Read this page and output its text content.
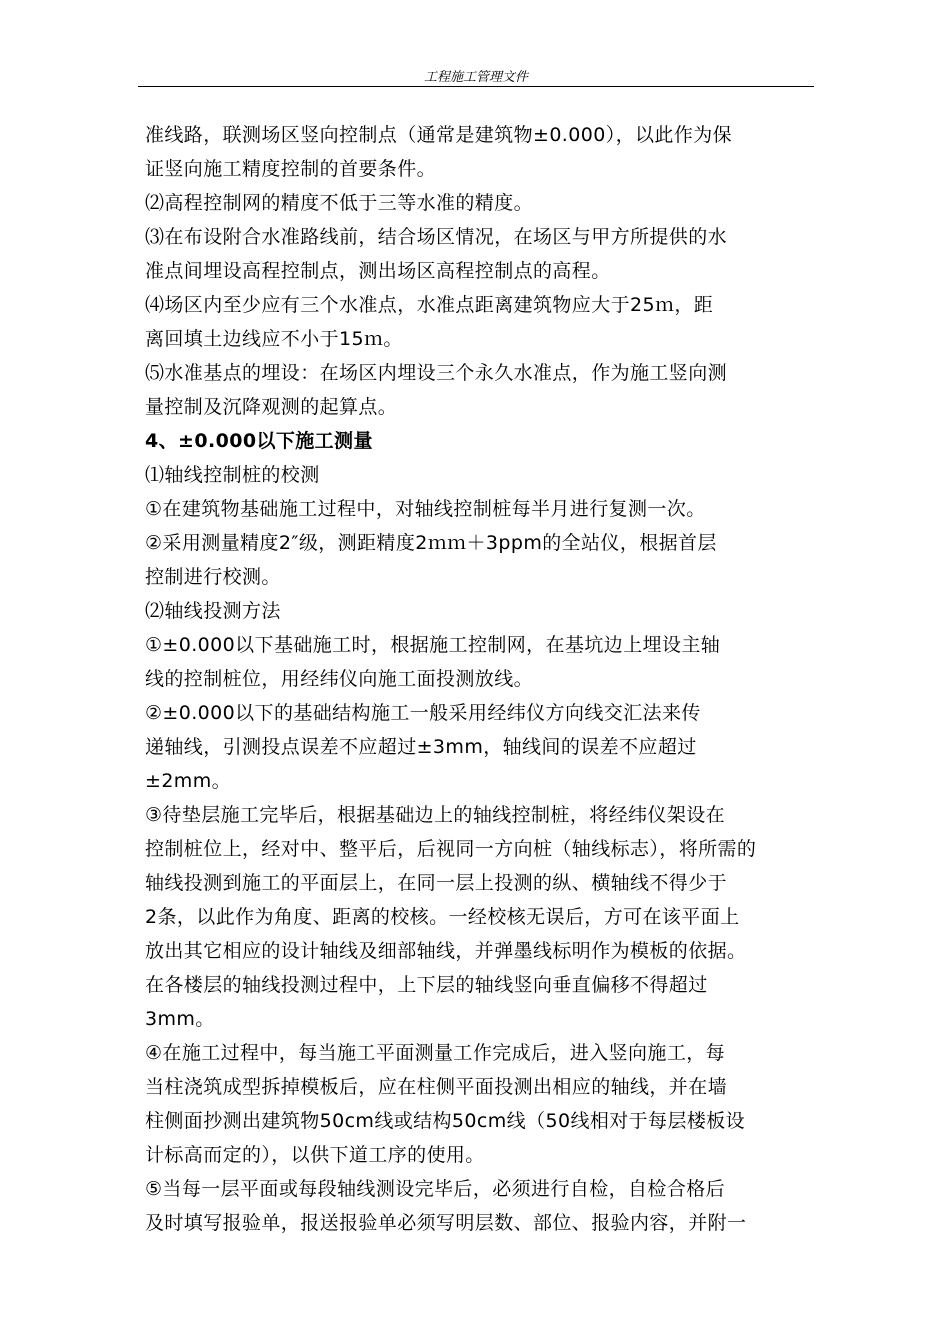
工程施工管理文件
准线路，联测场区竖向控制点（通常是建筑物±0.000），以此作为保
证竖向施工精度控制的首要条件。
⑵高程控制网的精度不低于三等水准的精度。
⑶在布设附合水准路线前，结合场区情况，在场区与甲方所提供的水
准点间埋设高程控制点，测出场区高程控制点的高程。
⑷场区内至少应有三个水准点，水准点距离建筑物应大于25ｍ，距
离回填土边线应不小于15ｍ。
⑸水准基点的埋设：在场区内埋设三个永久水准点，作为施工竖向测
量控制及沉降观测的起算点。
4、±0.000以下施工测量
⑴轴线控制桩的校测
①在建筑物基础施工过程中，对轴线控制桩每半月进行复测一次。
②采用测量精度2″级，测距精度2ｍｍ＋3ppm的全站仪，根据首层
控制进行校测。
⑵轴线投测方法
①±0.000以下基础施工时，根据施工控制网，在基坑边上埋设主轴
线的控制桩位，用经纬仪向施工面投测放线。
②±0.000以下的基础结构施工一般采用经纬仪方向线交汇法来传
递轴线，引测投点误差不应超过±3mm，轴线间的误差不应超过
±2mm。
③待垫层施工完毕后，根据基础边上的轴线控制桩，将经纬仪架设在
控制桩位上，经对中、整平后，后视同一方向桩（轴线标志），将所需的
轴线投测到施工的平面层上，在同一层上投测的纵、横轴线不得少于
2条，以此作为角度、距离的校核。一经校核无误后，方可在该平面上
放出其它相应的设计轴线及细部轴线，并弹墨线标明作为模板的依据。
在各楼层的轴线投测过程中，上下层的轴线竖向垂直偏移不得超过
3mm。
④在施工过程中，每当施工平面测量工作完成后，进入竖向施工，每
当柱浇筑成型拆掉模板后，应在柱侧平面投测出相应的轴线，并在墙
柱侧面抄测出建筑物50cm线或结构50cm线（50线相对于每层楼板设
计标高而定的），以供下道工序的使用。
⑤当每一层平面或每段轴线测设完毕后，必须进行自检，自检合格后
及时填写报验单，报送报验单必须写明层数、部位、报验内容，并附一
